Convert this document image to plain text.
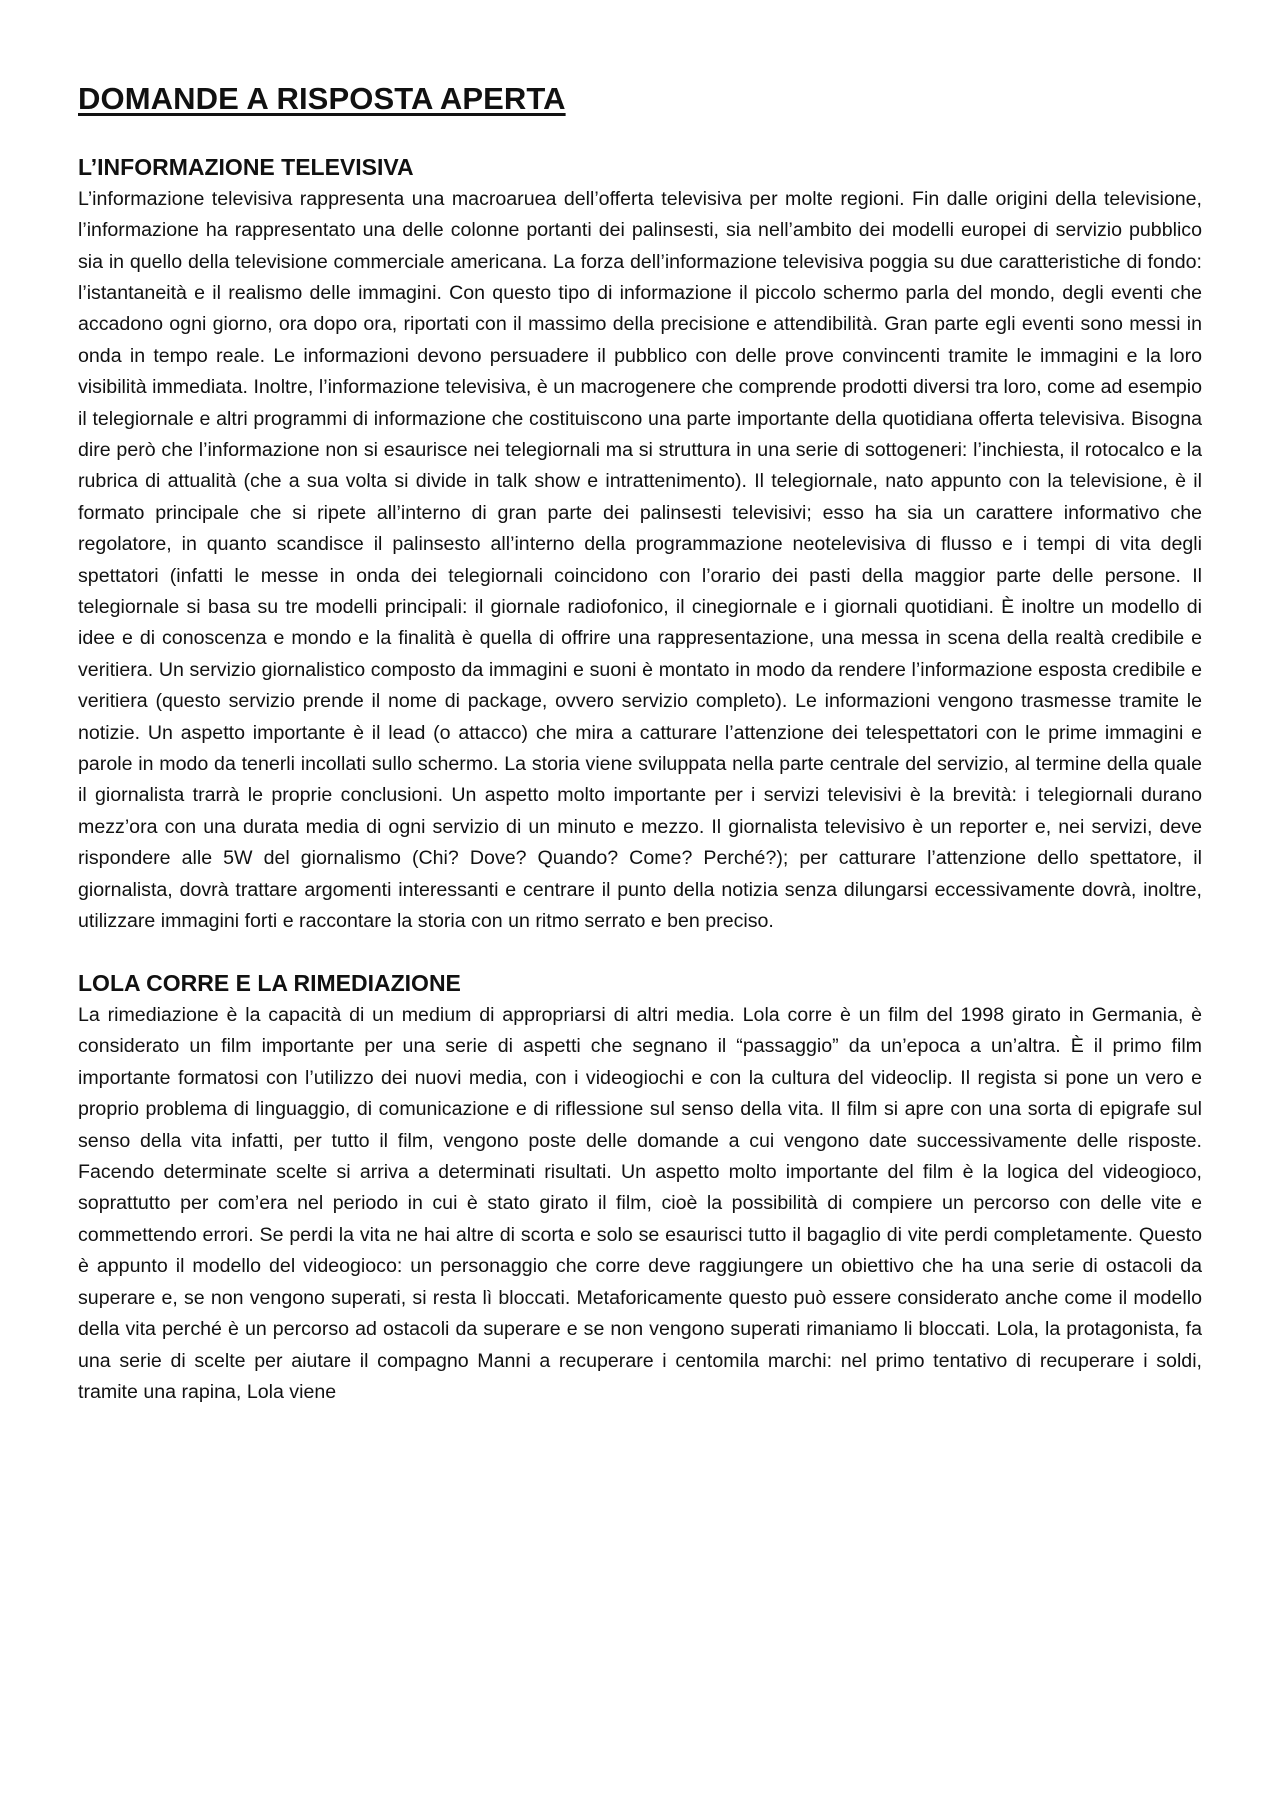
DOMANDE A RISPOSTA APERTA
L’INFORMAZIONE TELEVISIVA

L’informazione televisiva rappresenta una macroaruea dell’offerta televisiva per molte regioni. Fin dalle origini della televisione, l’informazione ha rappresentato una delle colonne portanti dei palinsesti, sia nell’ambito dei modelli europei di servizio pubblico sia in quello della televisione commerciale americana. La forza dell’informazione televisiva poggia su due caratteristiche di fondo: l’istantaneità e il realismo delle immagini. Con questo tipo di informazione il piccolo schermo parla del mondo, degli eventi che accadono ogni giorno, ora dopo ora, riportati con il massimo della precisione e attendibilità. Gran parte egli eventi sono messi in onda in tempo reale. Le informazioni devono persuadere il pubblico con delle prove convincenti tramite le immagini e la loro visibilità immediata. Inoltre, l’informazione televisiva, è un macrogenere che comprende prodotti diversi tra loro, come ad esempio il telegiornale e altri programmi di informazione che costituiscono una parte importante della quotidiana offerta televisiva. Bisogna dire però che l’informazione non si esaurisce nei telegiornali ma si struttura in una serie di sottogeneri: l’inchiesta, il rotocalco e la rubrica di attualità (che a sua volta si divide in talk show e intrattenimento). Il telegiornale, nato appunto con la televisione, è il formato principale che si ripete all’interno di gran parte dei palinsesti televisivi; esso ha sia un carattere informativo che regolatore, in quanto scandisce il palinsesto all’interno della programmazione neotelevisiva di flusso e i tempi di vita degli spettatori (infatti le messe in onda dei telegiornali coincidono con l’orario dei pasti della maggior parte delle persone. Il telegiornale si basa su tre modelli principali: il giornale radiofonico, il cinegiornale e i giornali quotidiani. È inoltre un modello di idee e di conoscenza e mondo e la finalità è quella di offrire una rappresentazione, una messa in scena della realtà credibile e veritiera. Un servizio giornalistico composto da immagini e suoni è montato in modo da rendere l’informazione esposta credibile e veritiera (questo servizio prende il nome di package, ovvero servizio completo). Le informazioni vengono trasmesse tramite le notizie. Un aspetto importante è il lead (o attacco) che mira a catturare l’attenzione dei telespettatori con le prime immagini e parole in modo da tenerli incollati sullo schermo. La storia viene sviluppata nella parte centrale del servizio, al termine della quale il giornalista trarrà le proprie conclusioni. Un aspetto molto importante per i servizi televisivi è la brevità: i telegiornali durano mezz’ora con una durata media di ogni servizio di un minuto e mezzo. Il giornalista televisivo è un reporter e, nei servizi, deve rispondere alle 5W del giornalismo (Chi? Dove? Quando? Come? Perché?); per catturare l’attenzione dello spettatore, il giornalista, dovrà trattare argomenti interessanti e centrare il punto della notizia senza dilungarsi eccessivamente dovrà, inoltre, utilizzare immagini forti e raccontare la storia con un ritmo serrato e ben preciso.

LOLA CORRE E LA RIMEDIAZIONE

La rimediazione è la capacità di un medium di appropriarsi di altri media. Lola corre è un film del 1998 girato in Germania, è considerato un film importante per una serie di aspetti che segnano il “passaggio” da un’epoca a un’altra. È il primo film importante formatosi con l’utilizzo dei nuovi media, con i videogiochi e con la cultura del videoclip. Il regista si pone un vero e proprio problema di linguaggio, di comunicazione e di riflessione sul senso della vita. Il film si apre con una sorta di epigrafe sul senso della vita infatti, per tutto il film, vengono poste delle domande a cui vengono date successivamente delle risposte. Facendo determinate scelte si arriva a determinati risultati. Un aspetto molto importante del film è la logica del videogioco, soprattutto per com’era nel periodo in cui è stato girato il film, cioè la possibilità di compiere un percorso con delle vite e commettendo errori. Se perdi la vita ne hai altre di scorta e solo se esaurisci tutto il bagaglio di vite perdi completamente. Questo è appunto il modello del videogioco: un personaggio che corre deve raggiungere un obiettivo che ha una serie di ostacoli da superare e, se non vengono superati, si resta lì bloccati. Metaforicamente questo può essere considerato anche come il modello della vita perché è un percorso ad ostacoli da superare e se non vengono superati rimaniamo li bloccati. Lola, la protagonista, fa una serie di scelte per aiutare il compagno Manni a recuperare i centomila marchi: nel primo tentativo di recuperare i soldi, tramite una rapina, Lola viene
